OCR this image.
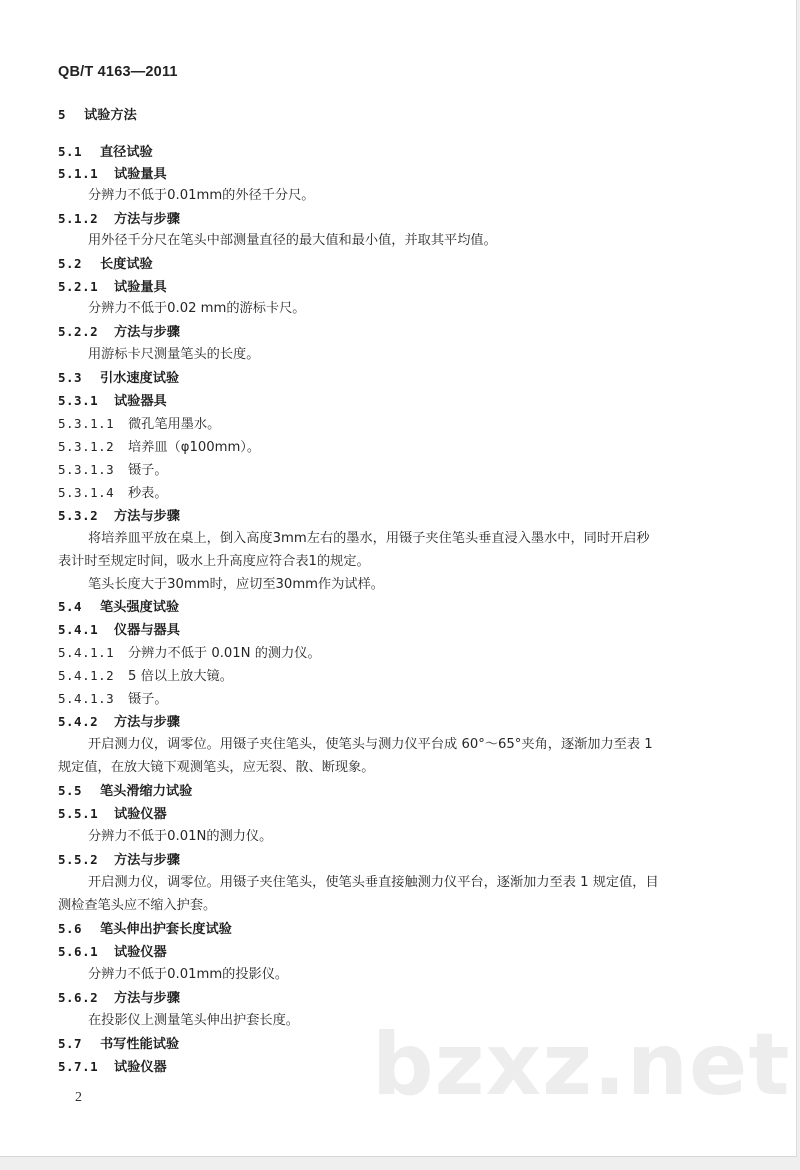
QB/T 4163—2011
5 试验方法
5.1 直径试验
5.1.1 试验量具
分辨力不低于0.01mm的外径千分尺。
5.1.2 方法与步骤
用外径千分尺在笔头中部测量直径的最大值和最小值，并取其平均值。
5.2 长度试验
5.2.1 试验量具
分辨力不低于0.02 mm的游标卡尺。
5.2.2 方法与步骤
用游标卡尺测量笔头的长度。
5.3 引水速度试验
5.3.1 试验器具
5.3.1.1 微孔笔用墨水。
5.3.1.2 培养皿（φ100mm）。
5.3.1.3 镊子。
5.3.1.4 秒表。
5.3.2 方法与步骤
将培养皿平放在桌上，倒入高度3mm左右的墨水，用镊子夹住笔头垂直浸入墨水中，同时开启秒
表计时至规定时间，吸水上升高度应符合表1的规定。
笔头长度大于30mm时，应切至30mm作为试样。
5.4 笔头强度试验
5.4.1 仪器与器具
5.4.1.1 分辨力不低于 0.01N 的测力仪。
5.4.1.2 5 倍以上放大镜。
5.4.1.3 镊子。
5.4.2 方法与步骤
开启测力仪，调零位。用镊子夹住笔头，使笔头与测力仪平台成 60°～65°夹角，逐渐加力至表 1
规定值，在放大镜下观测笔头，应无裂、散、断现象。
5.5 笔头滑缩力试验
5.5.1 试验仪器
分辨力不低于0.01N的测力仪。
5.5.2 方法与步骤
开启测力仪，调零位。用镊子夹住笔头，使笔头垂直接触测力仪平台，逐渐加力至表 1 规定值，目
测检查笔头应不缩入护套。
5.6 笔头伸出护套长度试验
5.6.1 试验仪器
分辨力不低于0.01mm的投影仪。
5.6.2 方法与步骤
在投影仪上测量笔头伸出护套长度。
5.7 书写性能试验
5.7.1 试验仪器 bzxz.net
2
